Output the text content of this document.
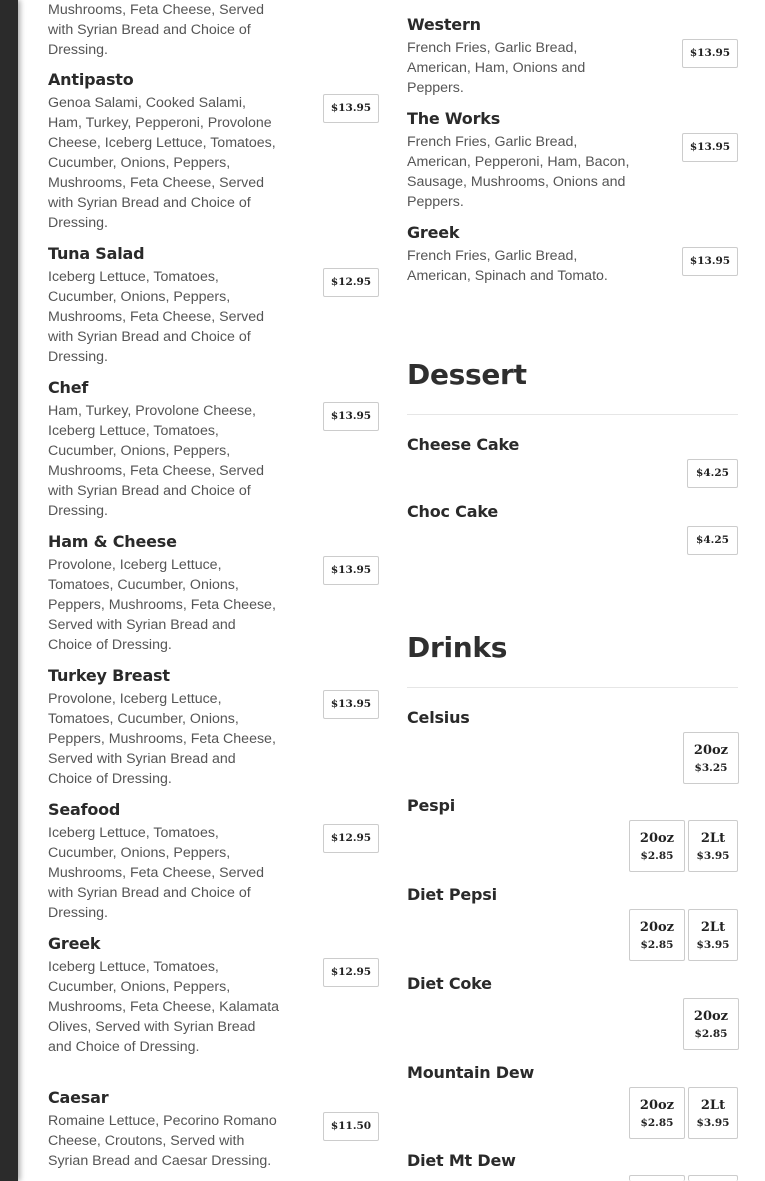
Mushrooms, Feta Cheese, Served with Syrian Bread and Choice of Dressing.
Antipasto
Genoa Salami, Cooked Salami, Ham, Turkey, Pepperoni, Provolone Cheese, Iceberg Lettuce, Tomatoes, Cucumber, Onions, Peppers, Mushrooms, Feta Cheese, Served with Syrian Bread and Choice of Dressing.
$13.95
Tuna Salad
Iceberg Lettuce, Tomatoes, Cucumber, Onions, Peppers, Mushrooms, Feta Cheese, Served with Syrian Bread and Choice of Dressing.
$12.95
Chef
Ham, Turkey, Provolone Cheese, Iceberg Lettuce, Tomatoes, Cucumber, Onions, Peppers, Mushrooms, Feta Cheese, Served with Syrian Bread and Choice of Dressing.
$13.95
Ham & Cheese
Provolone, Iceberg Lettuce, Tomatoes, Cucumber, Onions, Peppers, Mushrooms, Feta Cheese, Served with Syrian Bread and Choice of Dressing.
$13.95
Turkey Breast
Provolone, Iceberg Lettuce, Tomatoes, Cucumber, Onions, Peppers, Mushrooms, Feta Cheese, Served with Syrian Bread and Choice of Dressing.
$13.95
Seafood
Iceberg Lettuce, Tomatoes, Cucumber, Onions, Peppers, Mushrooms, Feta Cheese, Served with Syrian Bread and Choice of Dressing.
$12.95
Greek
Iceberg Lettuce, Tomatoes, Cucumber, Onions, Peppers, Mushrooms, Feta Cheese, Kalamata Olives, Served with Syrian Bread and Choice of Dressing.
$12.95
Caesar
Romaine Lettuce, Pecorino Romano Cheese, Croutons, Served with Syrian Bread and Caesar Dressing.
$11.50
Western
French Fries, Garlic Bread, American, Ham, Onions and Peppers.
$13.95
The Works
French Fries, Garlic Bread, American, Pepperoni, Ham, Bacon, Sausage, Mushrooms, Onions and Peppers.
$13.95
Greek
French Fries, Garlic Bread, American, Spinach and Tomato.
$13.95
Dessert
Cheese Cake
$4.25
Choc Cake
$4.25
Drinks
Celsius
20oz
$3.25
Pespi
20oz
$2.85
2Lt
$3.95
Diet Pepsi
20oz
$2.85
2Lt
$3.95
Diet Coke
20oz
$2.85
Mountain Dew
20oz
$2.85
2Lt
$3.95
Diet Mt Dew
